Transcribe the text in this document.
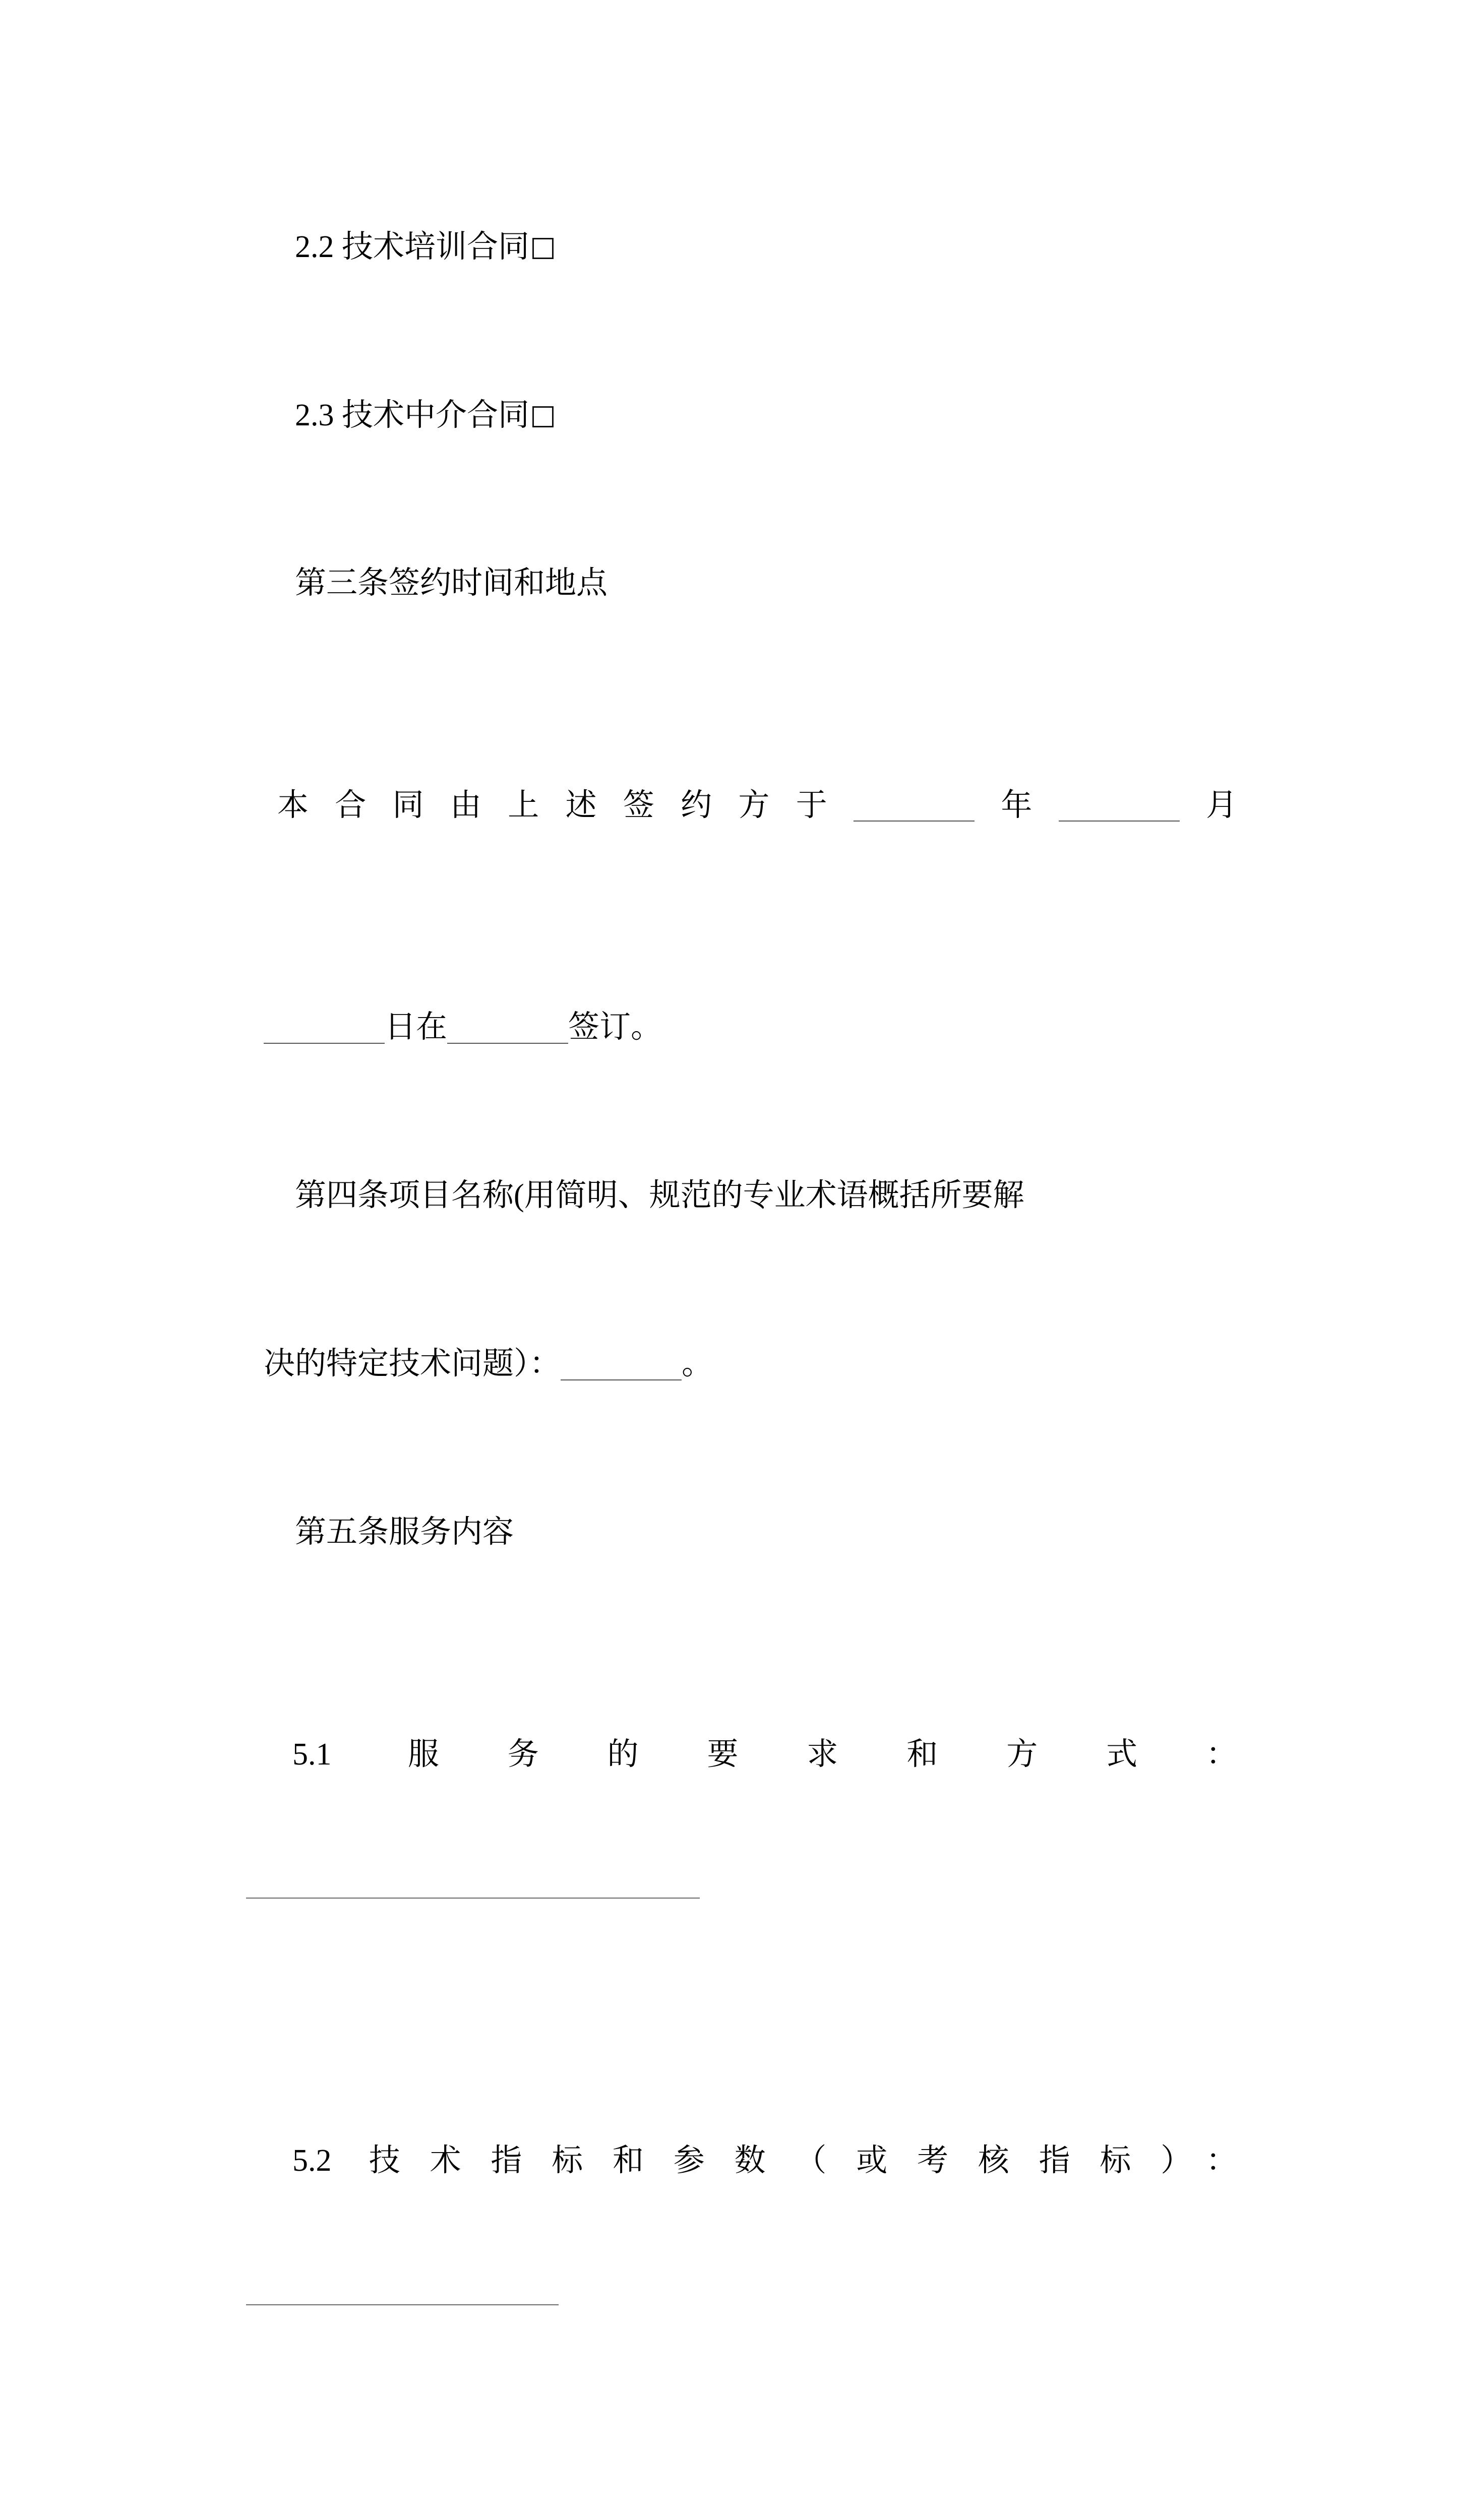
2.2 技术培训合同

2.3 技术中介合同

第三条签约时间和地点

本合同由上述签约方于	年	月

日在	签订。

第四条项目名称(用简明、规范的专业术语概括所要解

决的特定技术问题）：	。

第五条服务内容

5.1 服务的要求和方式：

5.2 技术指标和参数（或考核指标）：
